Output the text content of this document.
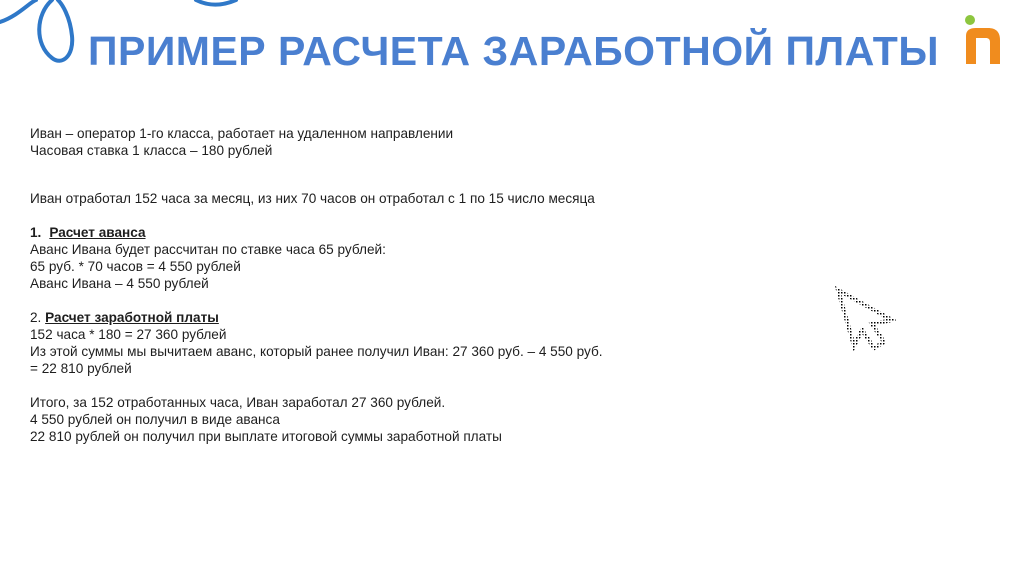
ПРИМЕР РАСЧЕТА ЗАРАБОТНОЙ ПЛАТЫ
Иван – оператор 1-го класса, работает на удаленном направлении
Часовая ставка 1 класса – 180 рублей
Иван отработал 152 часа за месяц, из них 70 часов он отработал с 1 по 15 число месяца
1. Расчет аванса
Аванс Ивана будет рассчитан по ставке часа 65 рублей:
65 руб. * 70 часов = 4 550 рублей
Аванс Ивана – 4 550 рублей
2. Расчет заработной платы
152 часа * 180 = 27 360 рублей
Из этой суммы мы вычитаем аванс, который ранее получил Иван: 27 360 руб. – 4 550 руб.
= 22 810 рублей
Итого, за 152 отработанных часа, Иван заработал 27 360 рублей.
4 550 рублей он получил в виде аванса
22 810 рублей он получил при выплате итоговой суммы заработной платы
